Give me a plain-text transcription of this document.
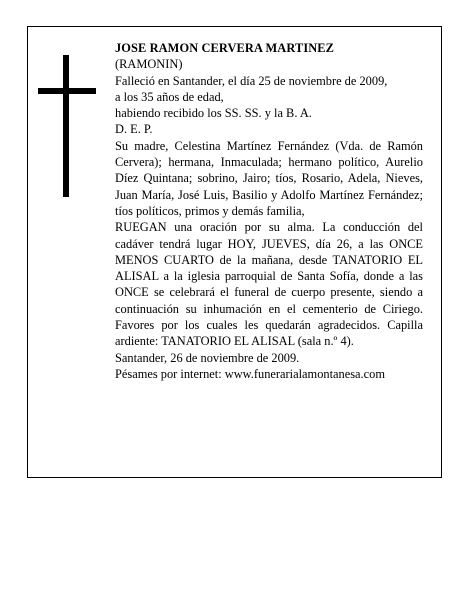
JOSE RAMON CERVERA MARTINEZ

(RAMONIN)

Falleció en Santander, el día 25 de noviembre de 2009,

a los 35 años de edad,

habiendo recibido los SS. SS. y la B. A.

D. E. P.

Su madre, Celestina Martínez Fernández (Vda. de Ramón Cervera); hermana, Inmaculada; hermano político, Aurelio Díez Quintana; sobrino, Jairo; tíos, Rosario, Adela, Nieves, Juan María, José Luis, Basilio y Adolfo Martínez Fernández; tíos políticos, primos y demás familia,

RUEGAN una oración por su alma. La conducción del cadáver tendrá lugar HOY, JUEVES, día 26, a las ONCE MENOS CUARTO de la mañana, desde TANATORIO EL ALISAL a la iglesia parroquial de Santa Sofía, donde a las ONCE se celebrará el funeral de cuerpo presente, siendo a continuación su inhumación en el cementerio de Ciriego. Favores por los cuales les quedarán agradecidos. Capilla ardiente: TANATORIO EL ALISAL (sala n.º 4).

Santander, 26 de noviembre de 2009.

Pésames por internet: www.funerarialamontanesa.com
